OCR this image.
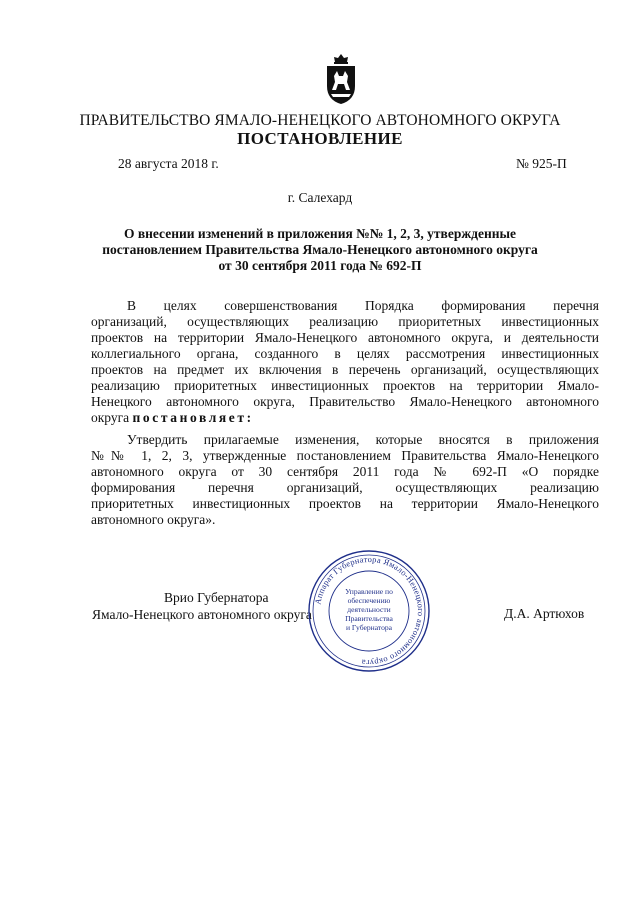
ПРАВИТЕЛЬСТВО ЯМАЛО-НЕНЕЦКОГО АВТОНОМНОГО ОКРУГА
ПОСТАНОВЛЕНИЕ
28 августа 2018 г.	№ 925-П
г. Салехард
О внесении изменений в приложения №№ 1, 2, 3, утвержденные
постановлением Правительства Ямало-Ненецкого автономного округа
от 30 сентября 2011 года № 692-П
В целях совершенствования Порядка формирования перечня
организаций, осуществляющих реализацию приоритетных инвестиционных
проектов на территории Ямало-Ненецкого автономного округа, и деятельности
коллегиального органа, созданного в целях рассмотрения инвестиционных
проектов на предмет их включения в перечень организаций, осуществляющих
реализацию приоритетных инвестиционных проектов на территории Ямало-
Ненецкого автономного округа, Правительство Ямало-Ненецкого автономного
округа постановляет:
Утвердить прилагаемые изменения, которые вносятся в приложения
№№ 1, 2, 3, утвержденные постановлением Правительства Ямало-Ненецкого
автономного округа от 30 сентября 2011 года № 692-П «О порядке
формирования перечня организаций, осуществляющих реализацию
приоритетных инвестиционных проектов на территории Ямало-Ненецкого
автономного округа».
Врио Губернатора
Ямало-Ненецкого автономного округа	Д.А. Артюхов
Аппарат Губернатора Ямало-Ненецкого автономного округа
Управление по
обеспечению
деятельности
Правительства
и Губернатора
